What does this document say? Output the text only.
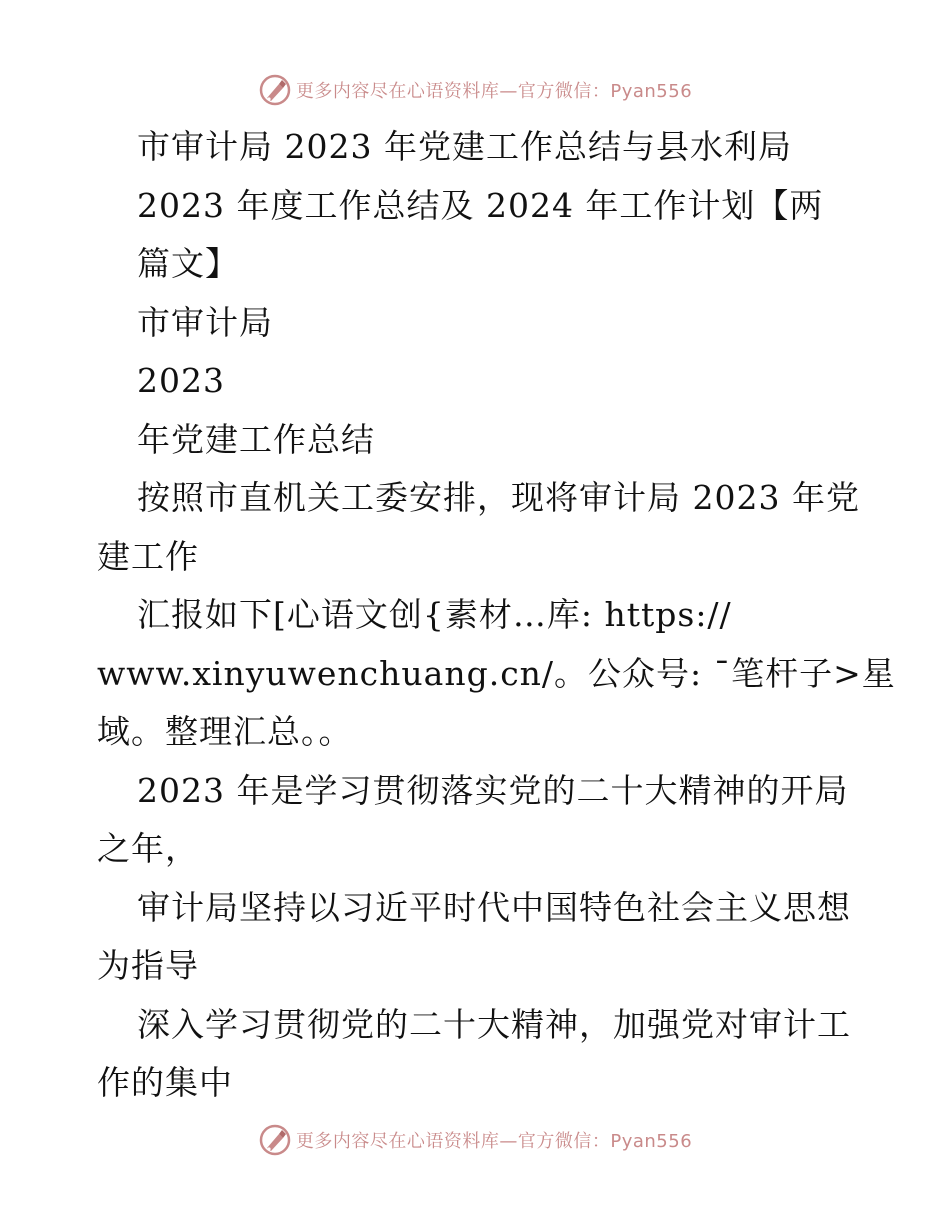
更多内容尽在心语资料库—官方微信：Pyan556
市审计局 2023 年党建工作总结与县水利局
2023 年度工作总结及 2024 年工作计划【两
篇文】
市审计局
2023
年党建工作总结
按照市直机关工委安排，现将审计局 2023 年党
建工作
汇报如下[心语文创{素材…库: https://
www.xinyuwenchuang.cn/。公众号: ¯笔杆子>星
域。整理汇总。。
2023 年是学习贯彻落实党的二十大精神的开局
之年，
审计局坚持以习近平时代中国特色社会主义思想
为指导
深入学习贯彻党的二十大精神，加强党对审计工
作的集中
更多内容尽在心语资料库—官方微信：Pyan556
